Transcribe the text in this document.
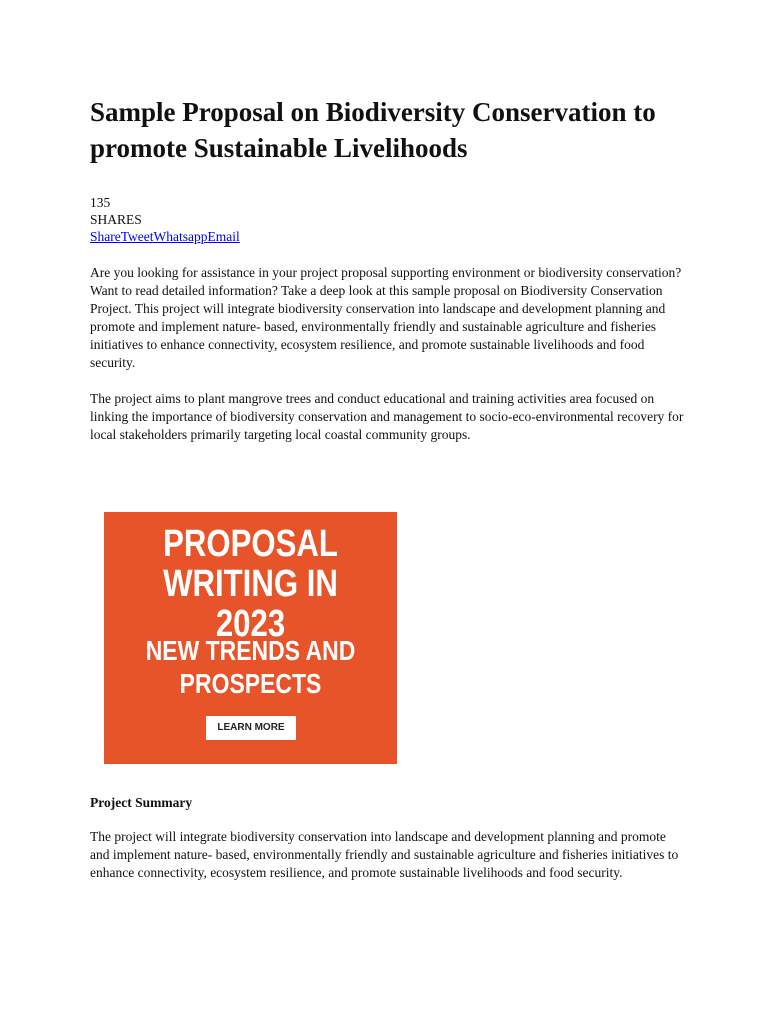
Sample Proposal on Biodiversity Conservation to promote Sustainable Livelihoods
135
SHARES
ShareTweetWhatsappEmail

Are you looking for assistance in your project proposal supporting environment or biodiversity conservation? Want to read detailed information? Take a deep look at this sample proposal on Biodiversity Conservation Project. This project will integrate biodiversity conservation into landscape and development planning and promote and implement nature- based, environmentally friendly and sustainable agriculture and fisheries initiatives to enhance connectivity, ecosystem resilience, and promote sustainable livelihoods and food security.

The project aims to plant mangrove trees and conduct educational and training activities area focused on linking the importance of biodiversity conservation and management to socio-eco-environmental recovery for local stakeholders primarily targeting local coastal community groups.

PROPOSAL
WRITING IN 2023
NEW TRENDS AND
PROSPECTS
LEARN MORE
Project Summary

The project will integrate biodiversity conservation into landscape and development planning and promote and implement nature- based, environmentally friendly and sustainable agriculture and fisheries initiatives to enhance connectivity, ecosystem resilience, and promote sustainable livelihoods and food security.
